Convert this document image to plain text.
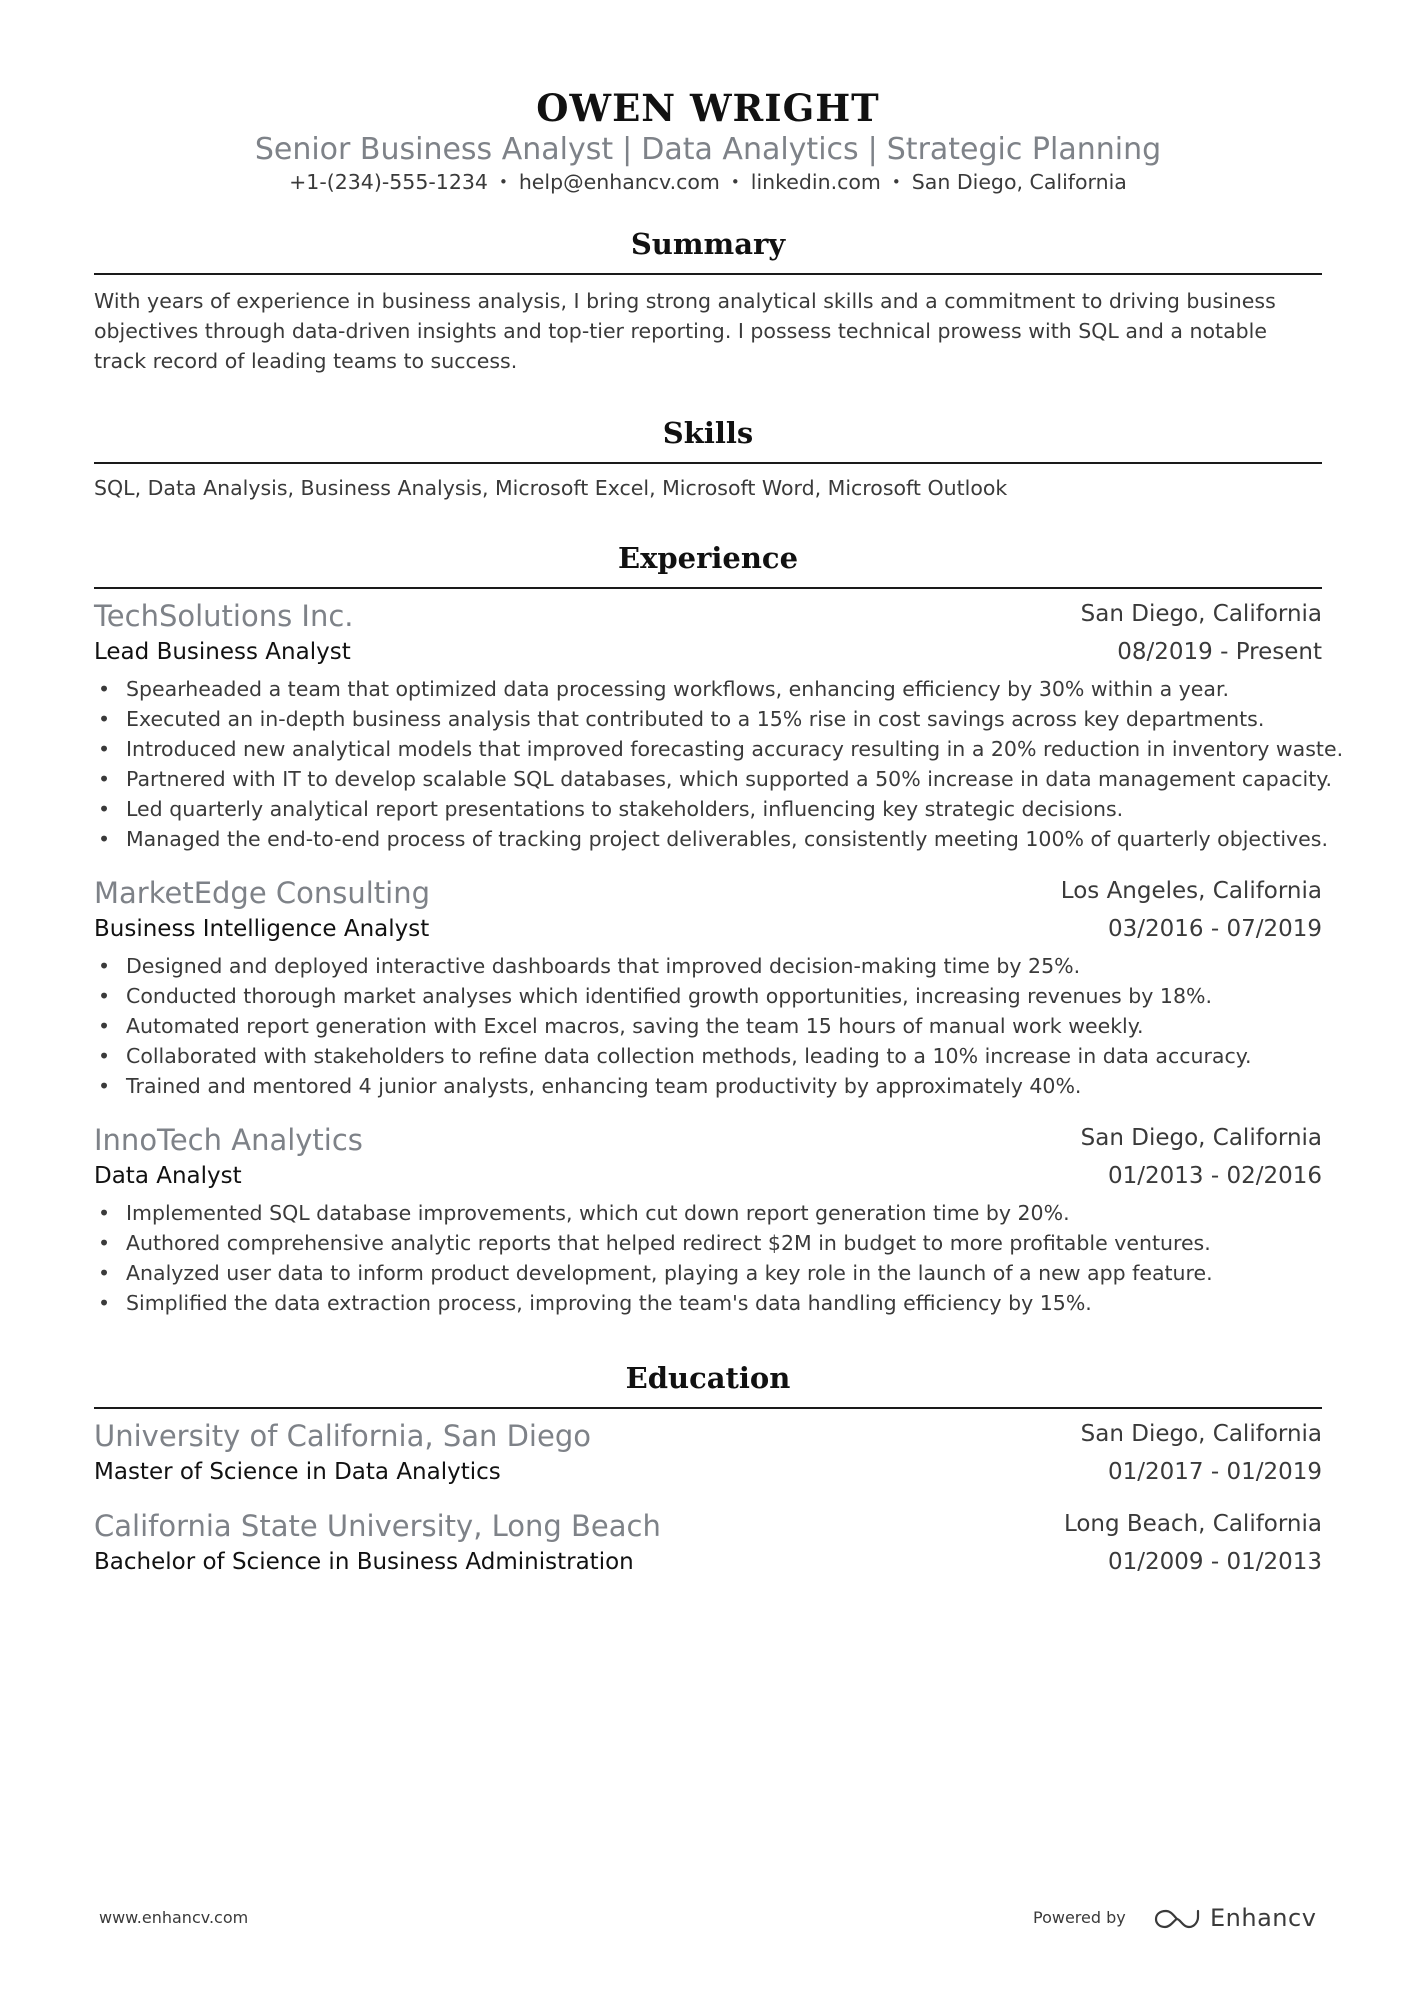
OWEN WRIGHT
Senior Business Analyst | Data Analytics | Strategic Planning
+1-(234)-555-1234 • help@enhancv.com • linkedin.com • San Diego, California
Summary
With years of experience in business analysis, I bring strong analytical skills and a commitment to driving business objectives through data-driven insights and top-tier reporting. I possess technical prowess with SQL and a notable track record of leading teams to success.
Skills
SQL, Data Analysis, Business Analysis, Microsoft Excel, Microsoft Word, Microsoft Outlook
Experience
TechSolutions Inc.	San Diego, California
Lead Business Analyst	08/2019 - Present
• Spearheaded a team that optimized data processing workflows, enhancing efficiency by 30% within a year.
• Executed an in-depth business analysis that contributed to a 15% rise in cost savings across key departments.
• Introduced new analytical models that improved forecasting accuracy resulting in a 20% reduction in inventory waste.
• Partnered with IT to develop scalable SQL databases, which supported a 50% increase in data management capacity.
• Led quarterly analytical report presentations to stakeholders, influencing key strategic decisions.
• Managed the end-to-end process of tracking project deliverables, consistently meeting 100% of quarterly objectives.
MarketEdge Consulting	Los Angeles, California
Business Intelligence Analyst	03/2016 - 07/2019
• Designed and deployed interactive dashboards that improved decision-making time by 25%.
• Conducted thorough market analyses which identified growth opportunities, increasing revenues by 18%.
• Automated report generation with Excel macros, saving the team 15 hours of manual work weekly.
• Collaborated with stakeholders to refine data collection methods, leading to a 10% increase in data accuracy.
• Trained and mentored 4 junior analysts, enhancing team productivity by approximately 40%.
InnoTech Analytics	San Diego, California
Data Analyst	01/2013 - 02/2016
• Implemented SQL database improvements, which cut down report generation time by 20%.
• Authored comprehensive analytic reports that helped redirect $2M in budget to more profitable ventures.
• Analyzed user data to inform product development, playing a key role in the launch of a new app feature.
• Simplified the data extraction process, improving the team's data handling efficiency by 15%.
Education
University of California, San Diego	San Diego, California
Master of Science in Data Analytics	01/2017 - 01/2019
California State University, Long Beach	Long Beach, California
Bachelor of Science in Business Administration	01/2009 - 01/2013
www.enhancv.com	Powered by	Enhancv
